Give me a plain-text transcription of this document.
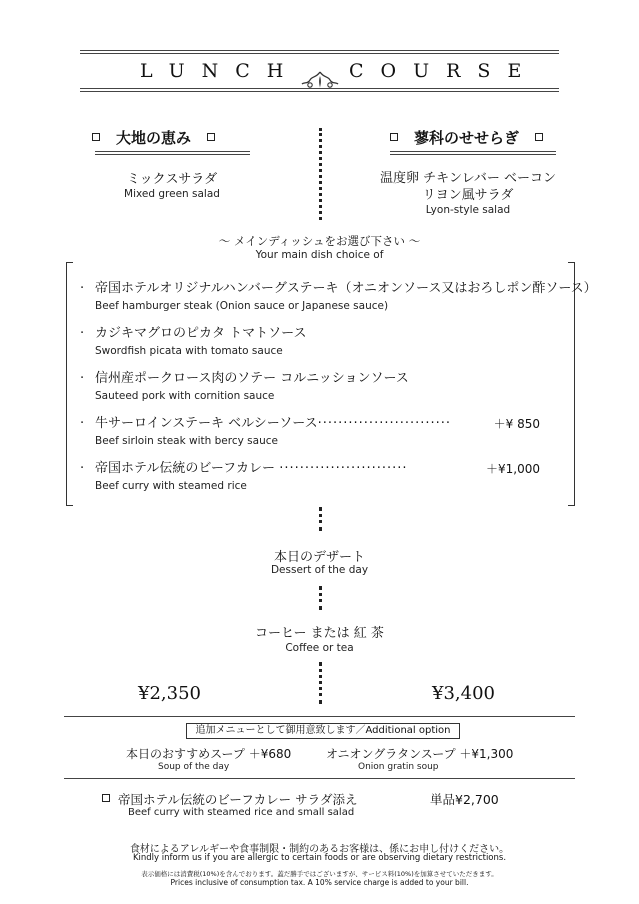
LUNCH	COURSE
大地の恵み	蓼科のせせらぎ
ミックスサラダ
Mixed green salad
温度卵 チキンレバー ベーコン
リヨン風サラダ
Lyon-style salad
～ メインディッシュをお選び下さい ～
Your main dish choice of
· 帝国ホテルオリジナルハンバーグステーキ（オニオンソース又はおろしポン酢ソース）
Beef hamburger steak (Onion sauce or Japanese sauce)
· カジキマグロのピカタ トマトソース
Swordfish picata with tomato sauce
· 信州産ポークロース肉のソテー コルニッションソース
Sauteed pork with cornition sauce
· 牛サーロインステーキ ベルシーソース··························	＋¥ 850
Beef sirloin steak with bercy sauce
· 帝国ホテル伝統のビーフカレー ·························	＋¥1,000
Beef curry with steamed rice
本日のデザート
Dessert of the day
コーヒー または 紅 茶
Coffee or tea
¥2,350	¥3,400
追加メニューとして御用意致します／Additional option
本日のおすすめスープ ＋¥680
Soup of the day
オニオングラタンスープ ＋¥1,300
Onion gratin soup
帝国ホテル伝統のビーフカレー サラダ添え	単品¥2,700
Beef curry with steamed rice and small salad
食材によるアレルギーや食事制限・制約のあるお客様は、係にお申し付けください。
Kindly inform us if you are allergic to certain foods or are observing dietary restrictions.
表示価格には消費税(10%)を含んでおります。蓋だ勝手ではございますが、サービス料(10%)を加算させていただきます。
Prices inclusive of consumption tax. A 10% service charge is added to your bill.
